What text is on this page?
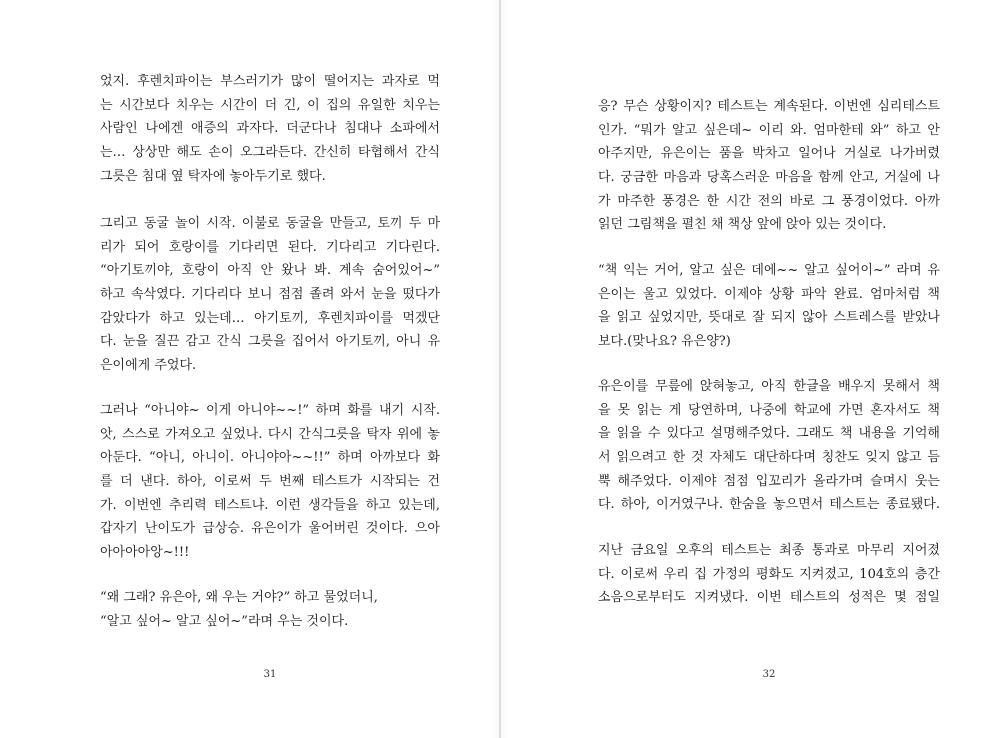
었지. 후렌치파이는 부스러기가 많이 떨어지는 과자로 먹
는 시간보다 치우는 시간이 더 긴, 이 집의 유일한 치우는
사람인 나에겐 애증의 과자다. 더군다나 침대나 소파에서
는… 상상만 해도 손이 오그라든다. 간신히 타협해서 간식
그릇은 침대 옆 탁자에 놓아두기로 했다.
그리고 동굴 놀이 시작. 이불로 동굴을 만들고, 토끼 두 마
리가 되어 호랑이를 기다리면 된다. 기다리고 기다린다.
“아기토끼야, 호랑이 아직 안 왔나 봐. 계속 숨어있어~”
하고 속삭였다. 기다리다 보니 점점 졸려 와서 눈을 떴다가
감았다가 하고 있는데… 아기토끼, 후렌치파이를 먹겠단
다. 눈을 질끈 감고 간식 그릇을 집어서 아기토끼, 아니 유
은이에게 주었다.
그러나 “아니야~ 이게 아니야~~!” 하며 화를 내기 시작.
앗, 스스로 가져오고 싶었나. 다시 간식그릇을 탁자 위에 놓
아둔다. “아니, 아니이. 아니야아~~!!” 하며 아까보다 화
를 더 낸다. 하아, 이로써 두 번째 테스트가 시작되는 건
가. 이번엔 추리력 테스트냐. 이런 생각들을 하고 있는데,
갑자기 난이도가 급상승. 유은이가 울어버린 것이다. 으아
아아아아앙~!!!
“왜 그래? 유은아, 왜 우는 거야?” 하고 물었더니,
“알고 싶어~ 알고 싶어~”라며 우는 것이다.
31
응? 무슨 상황이지? 테스트는 계속된다. 이번엔 심리테스트
인가. “뭐가 알고 싶은데~ 이리 와. 엄마한테 와” 하고 안
아주지만, 유은이는 품을 박차고 일어나 거실로 나가버렸
다. 궁금한 마음과 당혹스러운 마음을 함께 안고, 거실에 나
가 마주한 풍경은 한 시간 전의 바로 그 풍경이었다. 아까
읽던 그림책을 펼친 채 책상 앞에 앉아 있는 것이다.
“책 익는 거어, 알고 싶은 데에~~ 알고 싶어이~” 라며 유
은이는 울고 있었다. 이제야 상황 파악 완료. 엄마처럼 책
을 읽고 싶었지만, 뜻대로 잘 되지 않아 스트레스를 받았나
보다.(맞나요? 유은양?)
유은이를 무릎에 앉혀놓고, 아직 한글을 배우지 못해서 책
을 못 읽는 게 당연하며, 나중에 학교에 가면 혼자서도 책
을 읽을 수 있다고 설명해주었다. 그래도 책 내용을 기억해
서 읽으려고 한 것 자체도 대단하다며 칭찬도 잊지 않고 듬
뿍 해주었다. 이제야 점점 입꼬리가 올라가며 슬며시 웃는
다. 하아, 이거였구나. 한숨을 놓으면서 테스트는 종료됐다.
지난 금요일 오후의 테스트는 최종 통과로 마무리 지어졌
다. 이로써 우리 집 가정의 평화도 지켜졌고, 104호의 층간
소음으로부터도 지켜냈다. 이번 테스트의 성적은 몇 점일
32
